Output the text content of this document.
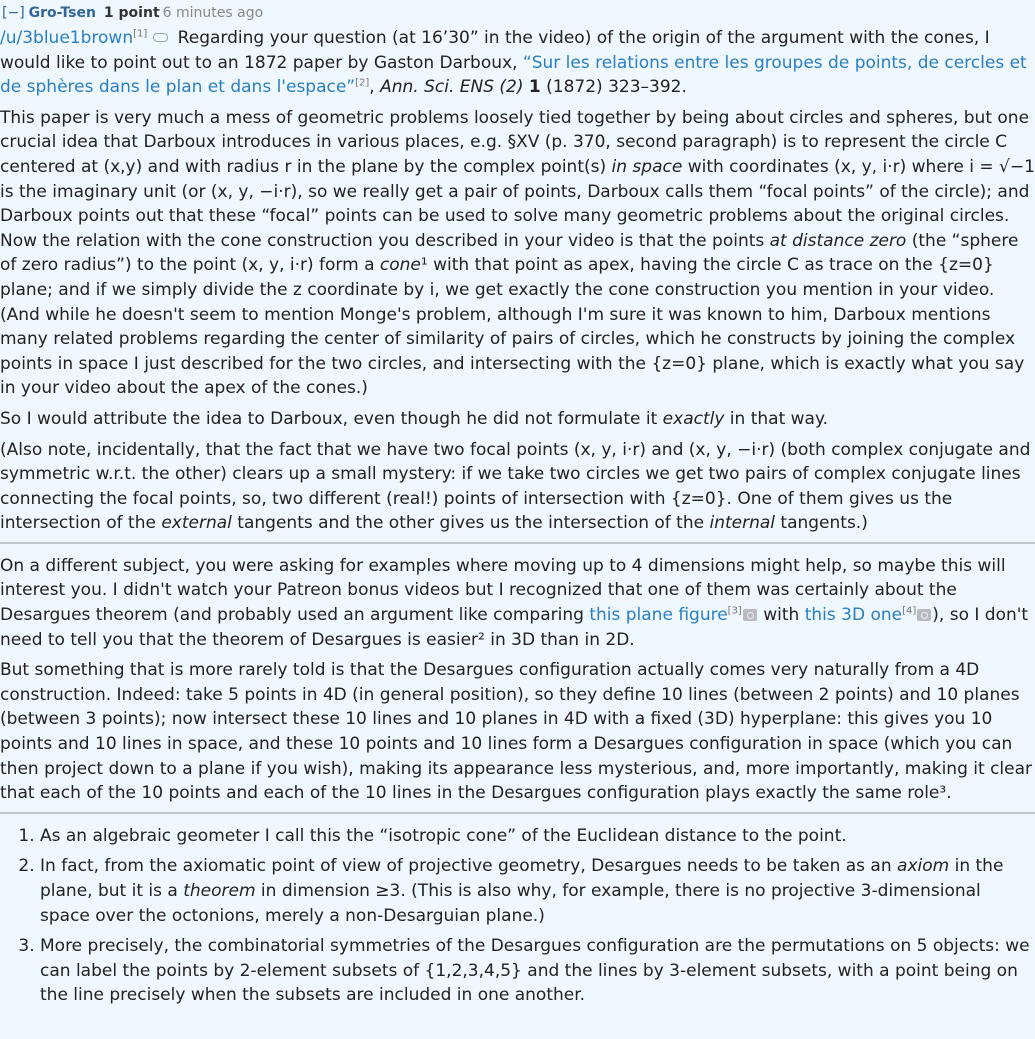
[−] Gro-Tsen 1 point 6 minutes ago

/u/3blue1brown[1] Regarding your question (at 16’30” in the video) of the origin of the argument with the cones, I would like to point out to an 1872 paper by Gaston Darboux, “Sur les relations entre les groupes de points, de cercles et de sphères dans le plan et dans l'espace”[2], Ann. Sci. ENS (2) 1 (1872) 323–392.

This paper is very much a mess of geometric problems loosely tied together by being about circles and spheres, but one crucial idea that Darboux introduces in various places, e.g. §XV (p. 370, second paragraph) is to represent the circle C centered at (x,y) and with radius r in the plane by the complex point(s) in space with coordinates (x, y, i·r) where i = √−1 is the imaginary unit (or (x, y, −i·r), so we really get a pair of points, Darboux calls them “focal points” of the circle); and Darboux points out that these “focal” points can be used to solve many geometric problems about the original circles. Now the relation with the cone construction you described in your video is that the points at distance zero (the “sphere of zero radius”) to the point (x, y, i·r) form a cone¹ with that point as apex, having the circle C as trace on the {z=0} plane; and if we simply divide the z coordinate by i, we get exactly the cone construction you mention in your video. (And while he doesn't seem to mention Monge's problem, although I'm sure it was known to him, Darboux mentions many related problems regarding the center of similarity of pairs of circles, which he constructs by joining the complex points in space I just described for the two circles, and intersecting with the {z=0} plane, which is exactly what you say in your video about the apex of the cones.)

So I would attribute the idea to Darboux, even though he did not formulate it exactly in that way.

(Also note, incidentally, that the fact that we have two focal points (x, y, i·r) and (x, y, −i·r) (both complex conjugate and symmetric w.r.t. the other) clears up a small mystery: if we take two circles we get two pairs of complex conjugate lines connecting the focal points, so, two different (real!) points of intersection with {z=0}. One of them gives us the intersection of the external tangents and the other gives us the intersection of the internal tangents.)

On a different subject, you were asking for examples where moving up to 4 dimensions might help, so maybe this will interest you. I didn't watch your Patreon bonus videos but I recognized that one of them was certainly about the Desargues theorem (and probably used an argument like comparing this plane figure[3] with this 3D one[4] ), so I don't need to tell you that the theorem of Desargues is easier² in 3D than in 2D.

But something that is more rarely told is that the Desargues configuration actually comes very naturally from a 4D construction. Indeed: take 5 points in 4D (in general position), so they define 10 lines (between 2 points) and 10 planes (between 3 points); now intersect these 10 lines and 10 planes in 4D with a fixed (3D) hyperplane: this gives you 10 points and 10 lines in space, and these 10 points and 10 lines form a Desargues configuration in space (which you can then project down to a plane if you wish), making its appearance less mysterious, and, more importantly, making it clear that each of the 10 points and each of the 10 lines in the Desargues configuration plays exactly the same role³.

1. As an algebraic geometer I call this the “isotropic cone” of the Euclidean distance to the point.
2. In fact, from the axiomatic point of view of projective geometry, Desargues needs to be taken as an axiom in the plane, but it is a theorem in dimension ≥3. (This is also why, for example, there is no projective 3-dimensional space over the octonions, merely a non-Desarguian plane.)
3. More precisely, the combinatorial symmetries of the Desargues configuration are the permutations on 5 objects: we can label the points by 2-element subsets of {1,2,3,4,5} and the lines by 3-element subsets, with a point being on the line precisely when the subsets are included in one another.
